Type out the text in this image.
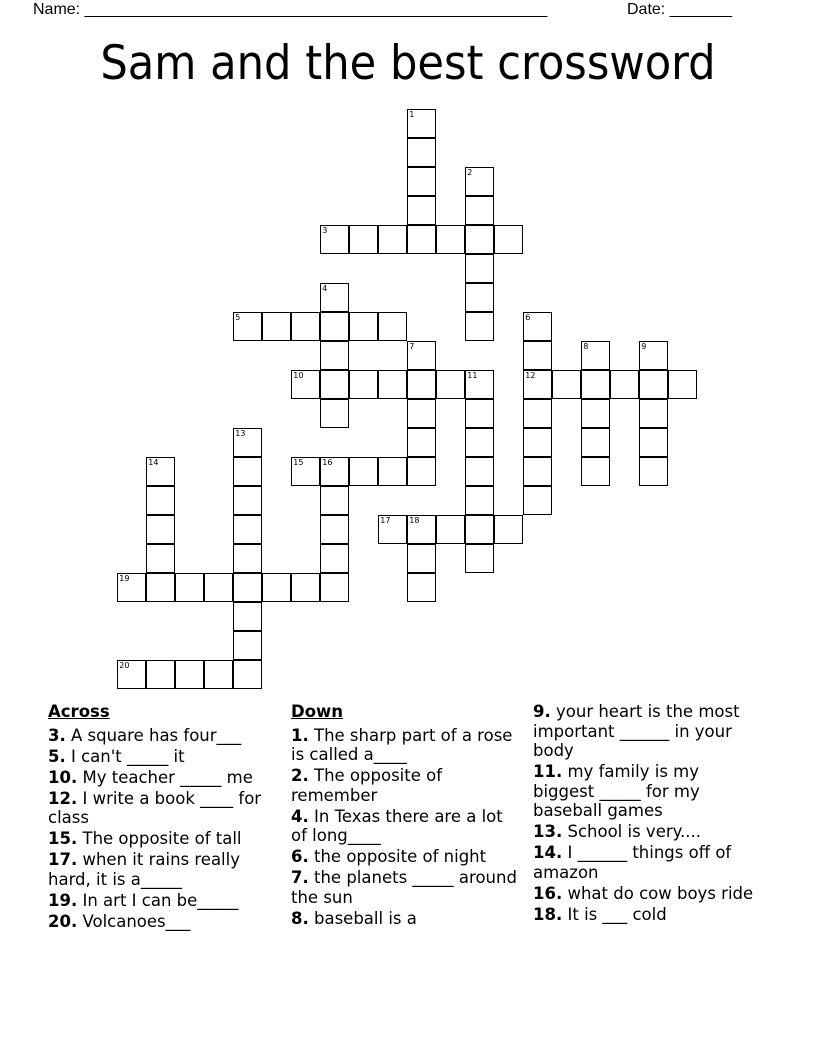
Name: ____________________________________________________	Date: _______
Sam and the best crossword
1
2
3
4
5	6
12
7	8	9
10	11
13
14	15 16
17 18
19
20
Across
3. A square has four___
5. I can't _____ it
10. My teacher _____ me
12. I write a book ____ for class
15. The opposite of tall
17. when it rains really hard, it is a_____
19. In art I can be_____
20. Volcanoes___
Down
1. The sharp part of a rose is called a____
2. The opposite of remember
4. In Texas there are a lot of long____
6. the opposite of night
7. the planets _____ around the sun
8. baseball is a
9. your heart is the most important ______ in your body
11. my family is my biggest _____ for my baseball games
13. School is very....
14. I ______ things off of amazon
16. what do cow boys ride
18. It is ___ cold
